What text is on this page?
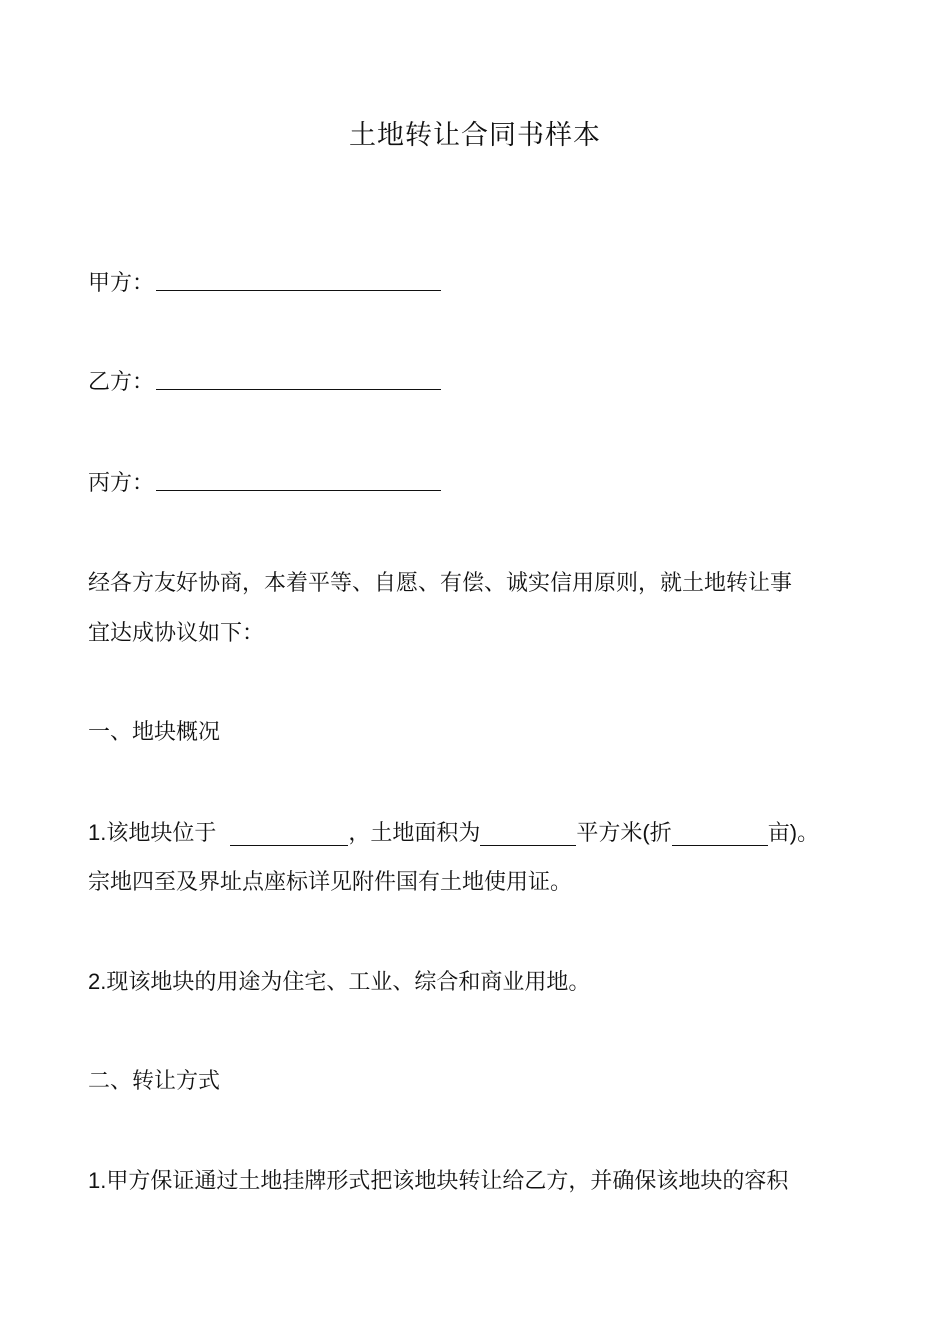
土地转让合同书样本
甲方：
乙方：
丙方：
经各方友好协商，本着平等、自愿、有偿、诚实信用原则，就土地转让事
宜达成协议如下：
一、地块概况
1.该地块位于	，土地面积为	平方米(折	亩)。
宗地四至及界址点座标详见附件国有土地使用证。
2.现该地块的用途为住宅、工业、综合和商业用地。
二、转让方式
1.甲方保证通过土地挂牌形式把该地块转让给乙方，并确保该地块的容积
